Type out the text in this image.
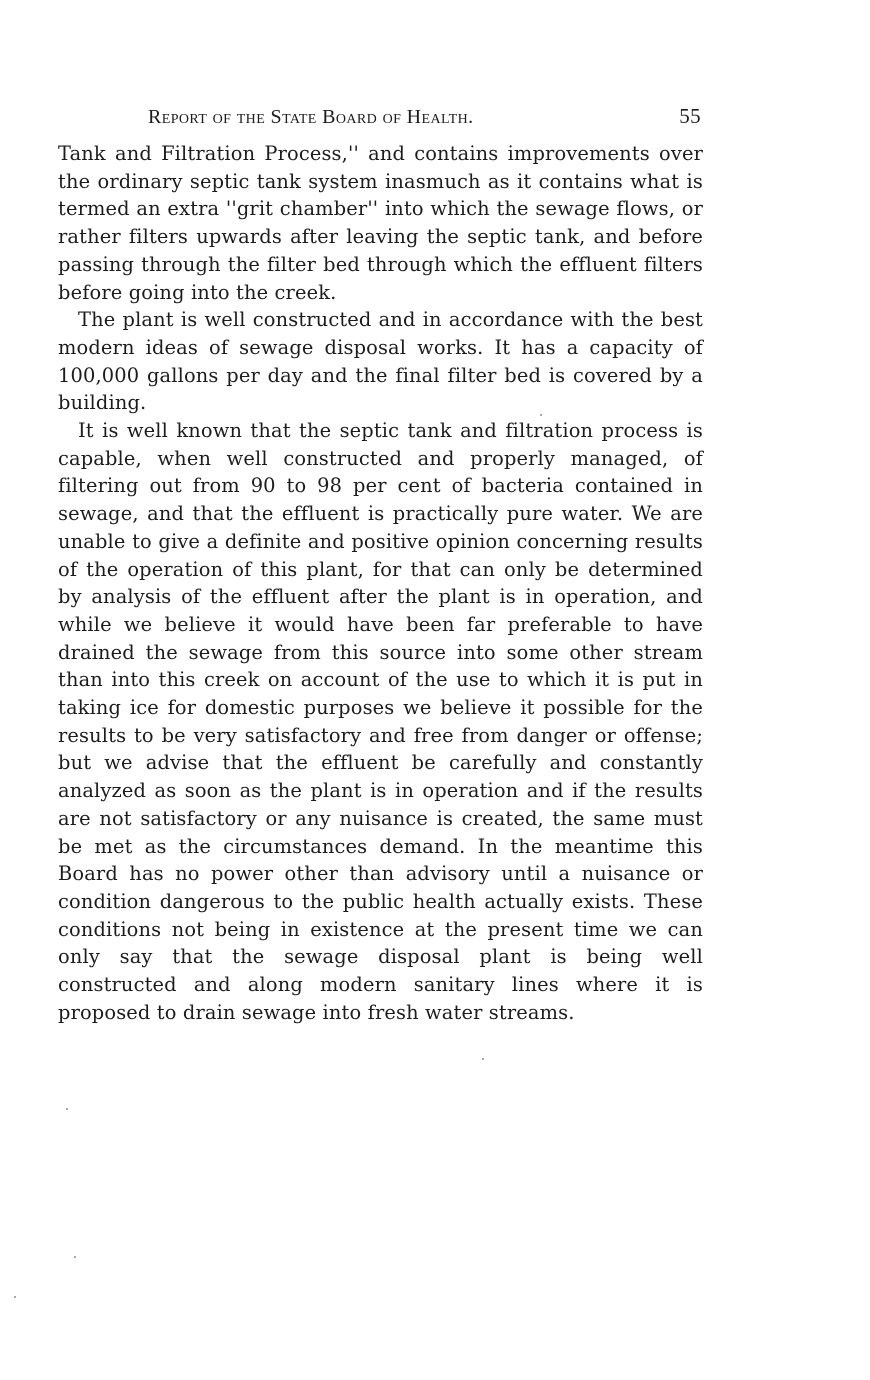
Report of the State Board of Health.	55

Tank and Filtration Process,'' and contains improvements over the ordinary septic tank system inasmuch as it contains what is termed an extra ''grit chamber'' into which the sewage flows, or rather filters upwards after leaving the septic tank, and before passing through the filter bed through which the effluent filters before going into the creek.

The plant is well constructed and in accordance with the best modern ideas of sewage disposal works. It has a capacity of 100,000 gallons per day and the final filter bed is covered by a building.

It is well known that the septic tank and filtration process is capable, when well constructed and properly managed, of filtering out from 90 to 98 per cent of bacteria contained in sewage, and that the effluent is practically pure water. We are unable to give a definite and positive opinion concerning results of the operation of this plant, for that can only be determined by analysis of the effluent after the plant is in operation, and while we believe it would have been far preferable to have drained the sewage from this source into some other stream than into this creek on account of the use to which it is put in taking ice for domestic purposes we believe it possible for the results to be very satisfactory and free from danger or offense; but we advise that the effluent be carefully and constantly analyzed as soon as the plant is in operation and if the results are not satisfactory or any nuisance is created, the same must be met as the circumstances demand. In the meantime this Board has no power other than advisory until a nuisance or condition dangerous to the public health actually exists. These conditions not being in existence at the present time we can only say that the sewage disposal plant is being well constructed and along modern sanitary lines where it is proposed to drain sewage into fresh water streams.
